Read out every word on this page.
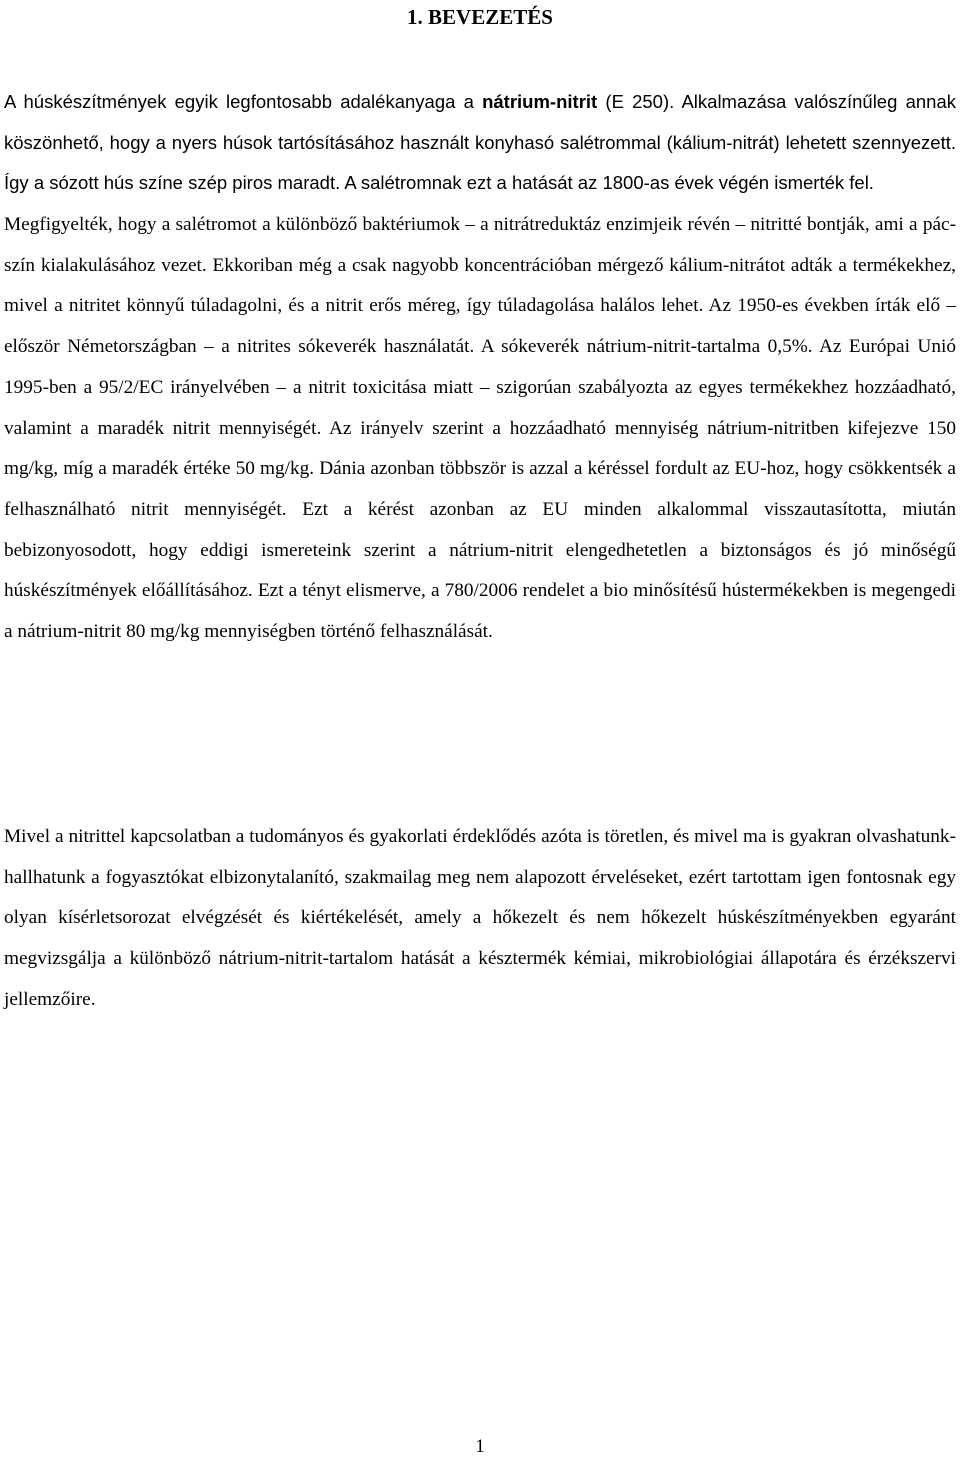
1. BEVEZETÉS

A húskészítmények egyik legfontosabb adalékanyaga a nátrium-nitrit (E 250). Alkalmazása valószínűleg annak köszönhető, hogy a nyers húsok tartósításához használt konyhasó salétrommal (kálium-nitrát) lehetett szennyezett. Így a sózott hús színe szép piros maradt. A salétromnak ezt a hatását az 1800-as évek végén ismerték fel.

Megfigyelték, hogy a salétromot a különböző baktériumok – a nitrátreduktáz enzimjeik révén – nitritté bontják, ami a pác-szín kialakulásához vezet. Ekkoriban még a csak nagyobb koncentrációban mérgező kálium-nitrátot adták a termékekhez, mivel a nitritet könnyű túladagolni, és a nitrit erős méreg, így túladagolása halálos lehet. Az 1950-es években írták elő – először Németországban – a nitrites sókeverék használatát. A sókeverék nátrium-nitrit-tartalma 0,5%. Az Európai Unió 1995-ben a 95/2/EC irányelvében – a nitrit toxicitása miatt – szigorúan szabályozta az egyes termékekhez hozzáadható, valamint a maradék nitrit mennyiségét. Az irányelv szerint a hozzáadható mennyiség nátrium-nitritben kifejezve 150 mg/kg, míg a maradék értéke 50 mg/kg. Dánia azonban többször is azzal a kéréssel fordult az EU-hoz, hogy csökkentsék a felhasználható nitrit mennyiségét. Ezt a kérést azonban az EU minden alkalommal visszautasította, miután bebizonyosodott, hogy eddigi ismereteink szerint a nátrium-nitrit elengedhetetlen a biztonságos és jó minőségű húskészítmények előállításához. Ezt a tényt elismerve, a 780/2006 rendelet a bio minősítésű hústermékekben is megengedi a nátrium-nitrit 80 mg/kg mennyiségben történő felhasználását.

Mivel a nitrittel kapcsolatban a tudományos és gyakorlati érdeklődés azóta is töretlen, és mivel ma is gyakran olvashatunk-hallhatunk a fogyasztókat elbizonytalanító, szakmailag meg nem alapozott érveléseket, ezért tartottam igen fontosnak egy olyan kísérletsorozat elvégzését és kiértékelését, amely a hőkezelt és nem hőkezelt húskészítményekben egyaránt megvizsgálja a különböző nátrium-nitrit-tartalom hatását a késztermék kémiai, mikrobiológiai állapotára és érzékszervi jellemzőire.

1
